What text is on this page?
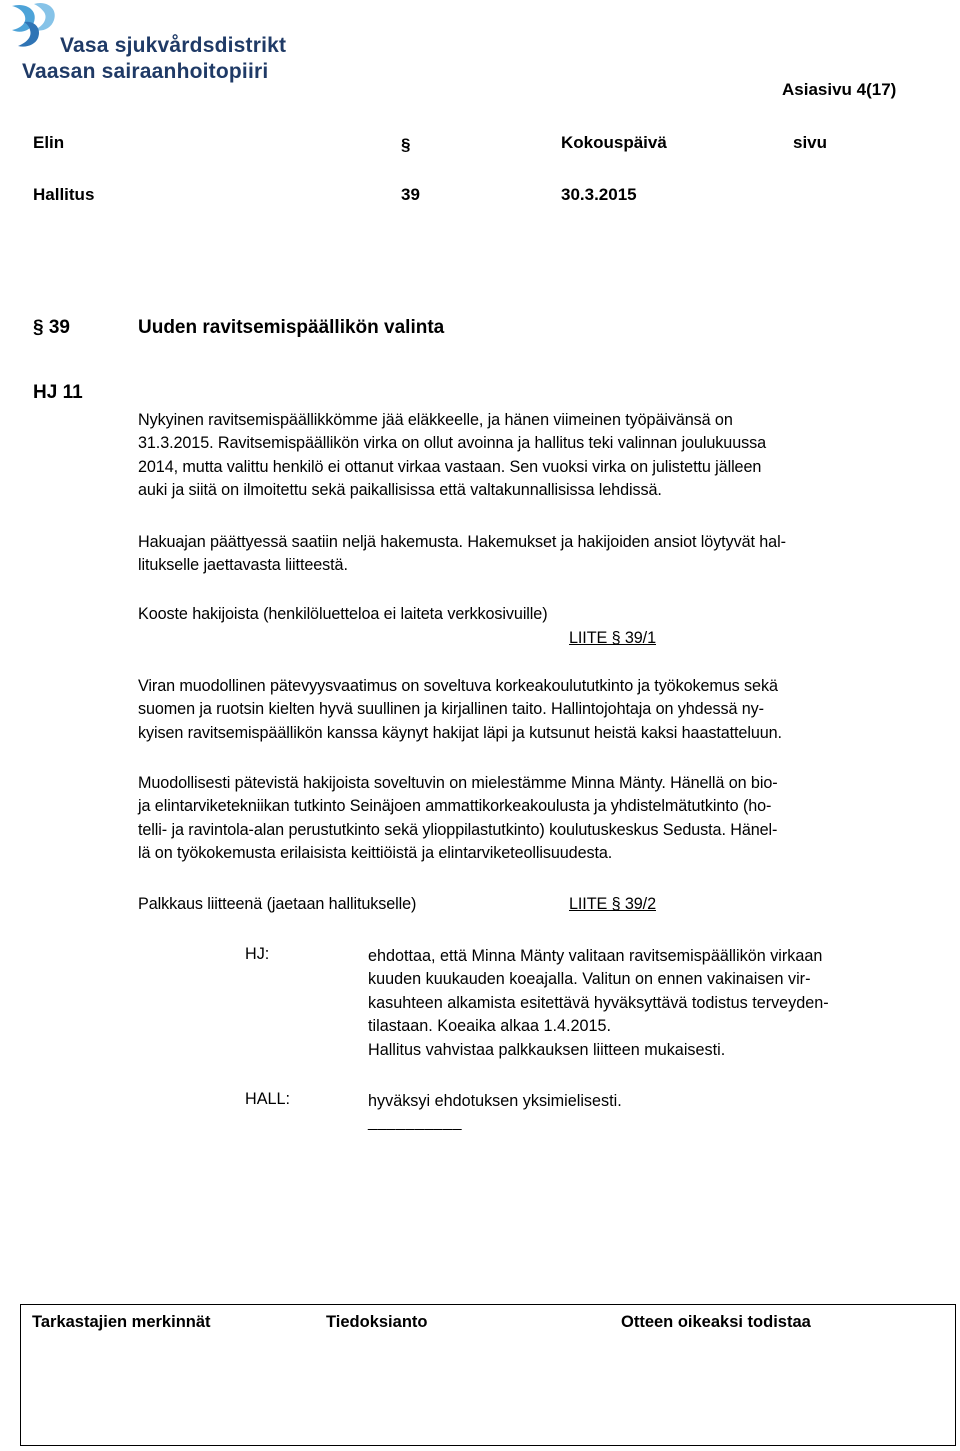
Vasa sjukvårdsdistrikt
Vaasan sairaanhoitopiiri
Asiasivu 4(17)
Elin	§	Kokouspäivä	sivu
Hallitus	39	30.3.2015
§ 39	Uuden ravitsemispäällikön valinta
HJ 11
Nykyinen ravitsemispäällikkömme jää eläkkeelle, ja hänen viimeinen työpäivänsä on
31.3.2015. Ravitsemispäällikön virka on ollut avoinna ja hallitus teki valinnan joulukuussa
2014, mutta valittu henkilö ei ottanut virkaa vastaan. Sen vuoksi virka on julistettu jälleen
auki ja siitä on ilmoitettu sekä paikallisissa että valtakunnallisissa lehdissä.
Hakuajan päättyessä saatiin neljä hakemusta. Hakemukset ja hakijoiden ansiot löytyvät hal-
litukselle jaettavasta liitteestä.
Kooste hakijoista (henkilöluetteloa ei laiteta verkkosivuille)
LIITE § 39/1
Viran muodollinen pätevyysvaatimus on soveltuva korkeakoulututkinto ja työkokemus sekä
suomen ja ruotsin kielten hyvä suullinen ja kirjallinen taito. Hallintojohtaja on yhdessä ny-
kyisen ravitsemispäällikön kanssa käynyt hakijat läpi ja kutsunut heistä kaksi haastatteluun.
Muodollisesti pätevistä hakijoista soveltuvin on mielestämme Minna Mänty. Hänellä on bio-
ja elintarviketekniikan tutkinto Seinäjoen ammattikorkeakoulusta ja yhdistelmätutkinto (ho-
telli- ja ravintola-alan perustutkinto sekä ylioppilastutkinto) koulutuskeskus Sedusta. Hänel-
lä on työkokemusta erilaisista keittiöistä ja elintarviketeollisuudesta.
Palkkaus liitteenä (jaetaan hallitukselle)	LIITE § 39/2
HJ:	ehdottaa, että Minna Mänty valitaan ravitsemispäällikön virkaan
kuuden kuukauden koeajalla. Valitun on ennen vakinaisen vir-
kasuhteen alkamista esitettävä hyväksyttävä todistus terveyden-
tilastaan. Koeaika alkaa 1.4.2015.
Hallitus vahvistaa palkkauksen liitteen mukaisesti.
HALL:	hyväksyi ehdotuksen yksimielisesti.
__________
Tarkastajien merkinnät	Tiedoksianto	Otteen oikeaksi todistaa
